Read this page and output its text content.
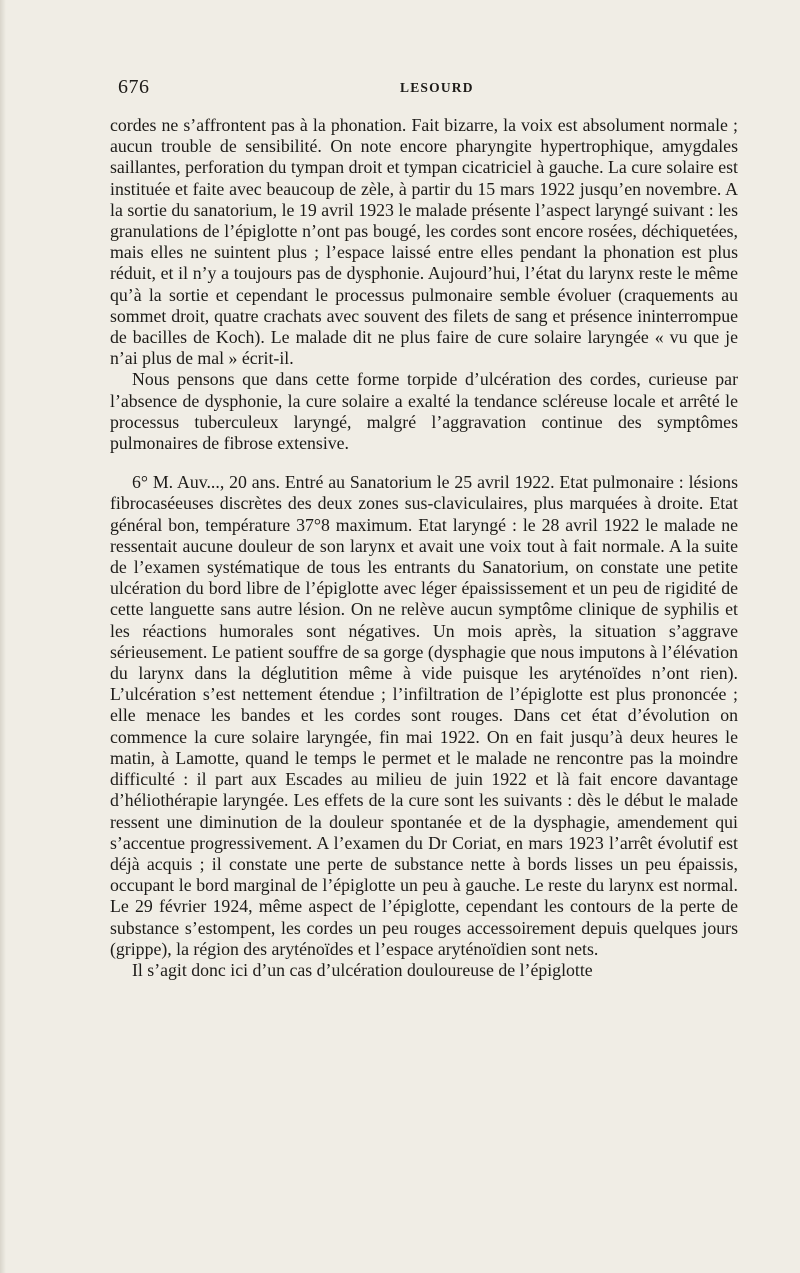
676	LESOURD

cordes ne s’affrontent pas à la phonation. Fait bizarre, la voix est absolument normale ; aucun trouble de sensibilité. On note encore pharyngite hypertrophique, amygdales saillantes, perforation du tympan droit et tympan cicatriciel à gauche. La cure solaire est instituée et faite avec beaucoup de zèle, à partir du 15 mars 1922 jusqu’en novembre. A la sortie du sanatorium, le 19 avril 1923 le malade présente l’aspect laryngé suivant : les granulations de l’épiglotte n’ont pas bougé, les cordes sont encore rosées, déchiquetées, mais elles ne suintent plus ; l’espace laissé entre elles pendant la phonation est plus réduit, et il n’y a toujours pas de dysphonie. Aujourd’hui, l’état du larynx reste le même qu’à la sortie et cependant le processus pulmonaire semble évoluer (craquements au sommet droit, quatre crachats avec souvent des filets de sang et présence ininterrompue de bacilles de Koch). Le malade dit ne plus faire de cure solaire laryngée « vu que je n’ai plus de mal » écrit-il.

Nous pensons que dans cette forme torpide d’ulcération des cordes, curieuse par l’absence de dysphonie, la cure solaire a exalté la tendance scléreuse locale et arrêté le processus tuberculeux laryngé, malgré l’aggravation continue des symptômes pulmonaires de fibrose extensive.

6° M. Auv..., 20 ans. Entré au Sanatorium le 25 avril 1922. Etat pulmonaire : lésions fibrocaséeuses discrètes des deux zones sus-claviculaires, plus marquées à droite. Etat général bon, température 37°8 maximum. Etat laryngé : le 28 avril 1922 le malade ne ressentait aucune douleur de son larynx et avait une voix tout à fait normale. A la suite de l’examen systématique de tous les entrants du Sanatorium, on constate une petite ulcération du bord libre de l’épiglotte avec léger épaississement et un peu de rigidité de cette languette sans autre lésion. On ne relève aucun symptôme clinique de syphilis et les réactions humorales sont négatives. Un mois après, la situation s’aggrave sérieusement. Le patient souffre de sa gorge (dysphagie que nous imputons à l’élévation du larynx dans la déglutition même à vide puisque les aryténoïdes n’ont rien). L’ulcération s’est nettement étendue ; l’infiltration de l’épiglotte est plus prononcée ; elle menace les bandes et les cordes sont rouges. Dans cet état d’évolution on commence la cure solaire laryngée, fin mai 1922. On en fait jusqu’à deux heures le matin, à Lamotte, quand le temps le permet et le malade ne rencontre pas la moindre difficulté : il part aux Escades au milieu de juin 1922 et là fait encore davantage d’héliothérapie laryngée. Les effets de la cure sont les suivants : dès le début le malade ressent une diminution de la douleur spontanée et de la dysphagie, amendement qui s’accentue progressivement. A l’examen du Dr Coriat, en mars 1923 l’arrêt évolutif est déjà acquis ; il constate une perte de substance nette à bords lisses un peu épaissis, occupant le bord marginal de l’épiglotte un peu à gauche. Le reste du larynx est normal. Le 29 février 1924, même aspect de l’épiglotte, cependant les contours de la perte de substance s’estompent, les cordes un peu rouges accessoirement depuis quelques jours (grippe), la région des aryténoïdes et l’espace aryténoïdien sont nets.

Il s’agit donc ici d’un cas d’ulcération douloureuse de l’épiglotte
